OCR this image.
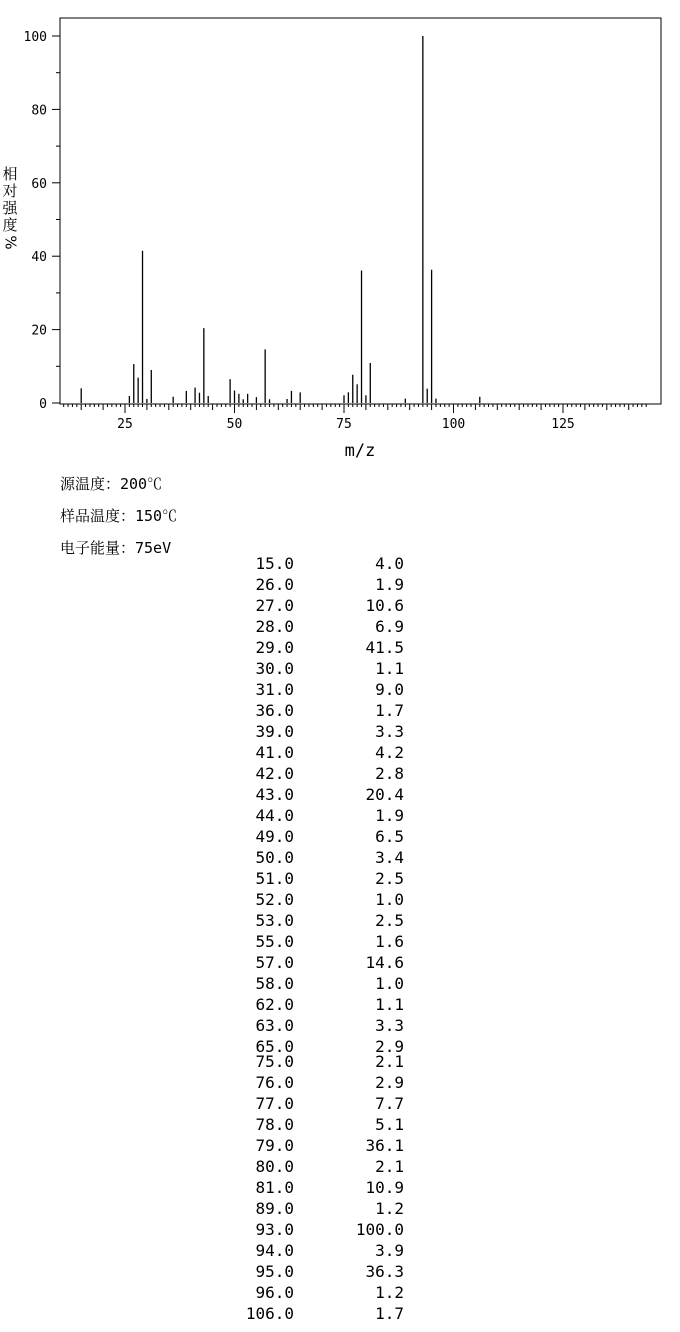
0
20
40
60
80
100
25	50	75	100	125
m/z
相
对
强
度
%
源温度：200℃
样品温度：150℃
电子能量：75eV
15.0	4.0
26.0	1.9
27.0	10.6
28.0	6.9
29.0	41.5
30.0	1.1
31.0	9.0
36.0	1.7
39.0	3.3
41.0	4.2
42.0	2.8
43.0	20.4
44.0	1.9
49.0	6.5
50.0	3.4
51.0	2.5
52.0	1.0
53.0	2.5
55.0	1.6
57.0	14.6
58.0	1.0
62.0	1.1
63.0	3.3
65.0	2.9
75.0	2.1
76.0	2.9
77.0	7.7
78.0	5.1
79.0	36.1
80.0	2.1
81.0	10.9
89.0	1.2
93.0	100.0
94.0	3.9
95.0	36.3
96.0	1.2
106.0	1.7
